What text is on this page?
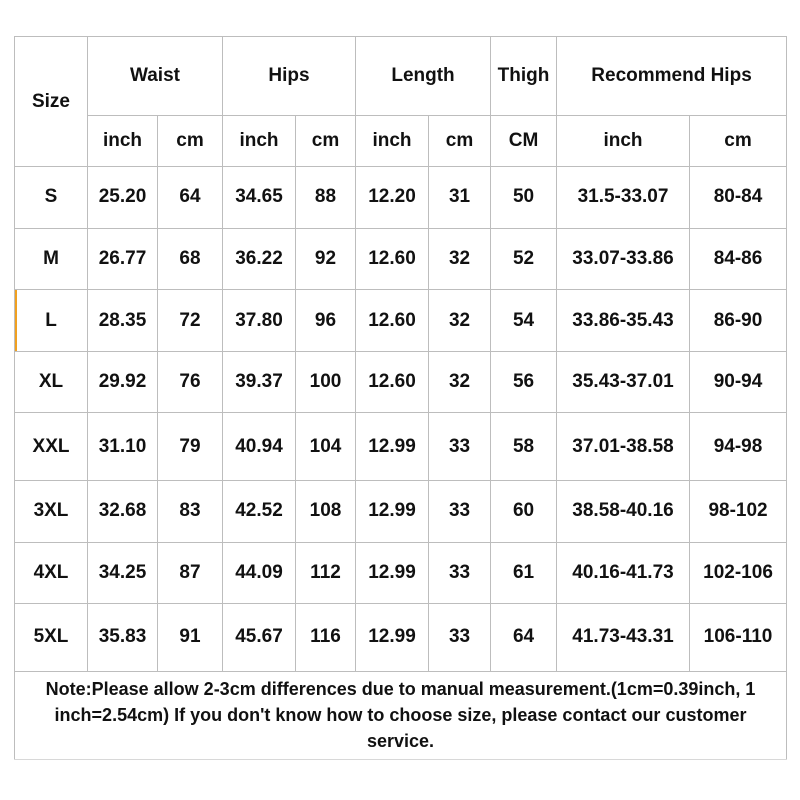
Size	Waist		Hips		Length		Thigh	Recommend Hips	
	inch	cm	inch	cm	inch	cm	CM	inch	cm
S	25.20	64	34.65	88	12.20	31	50	31.5-33.07	80-84
M	26.77	68	36.22	92	12.60	32	52	33.07-33.86	84-86
L	28.35	72	37.80	96	12.60	32	54	33.86-35.43	86-90
XL	29.92	76	39.37	100	12.60	32	56	35.43-37.01	90-94
XXL	31.10	79	40.94	104	12.99	33	58	37.01-38.58	94-98
3XL	32.68	83	42.52	108	12.99	33	60	38.58-40.16	98-102
4XL	34.25	87	44.09	112	12.99	33	61	40.16-41.73	102-106
5XL	35.83	91	45.67	116	12.99	33	64	41.73-43.31	106-110
Note:Please allow 2-3cm differences due to manual measurement.(1cm=0.39inch, 1 inch=2.54cm) If you don't know how to choose size, please contact our customer service.									
